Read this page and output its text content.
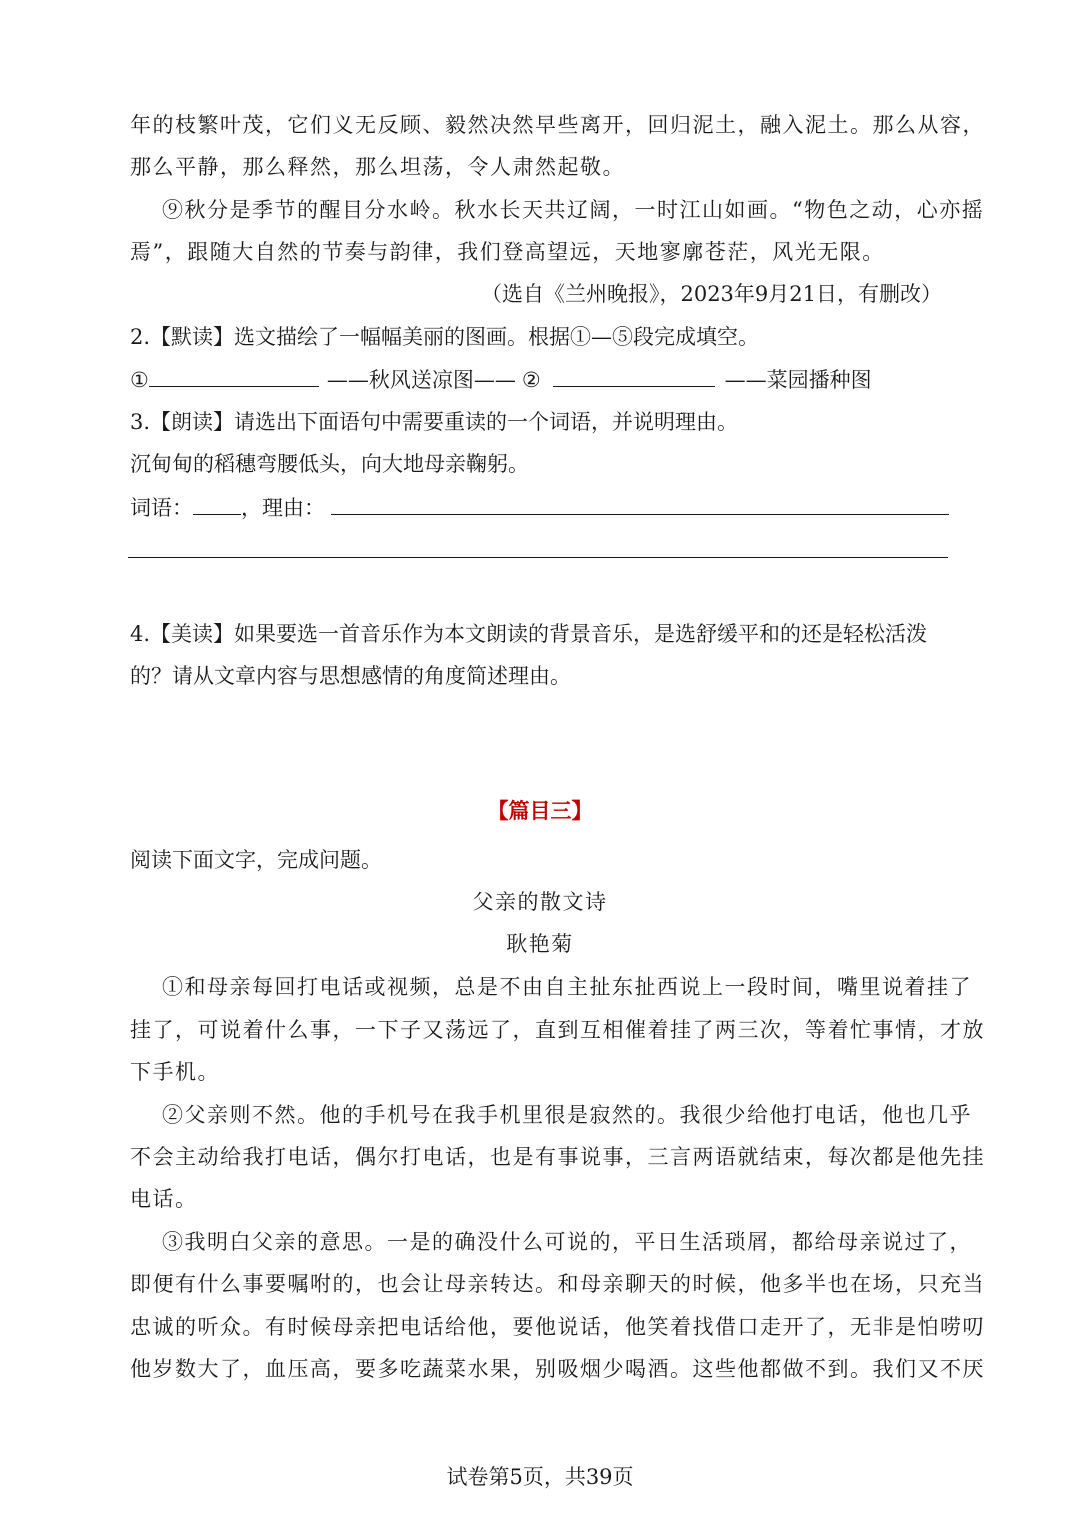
年的枝繁叶茂，它们义无反顾、毅然决然早些离开，回归泥土，融入泥土。那么从容，
那么平静，那么释然，那么坦荡，令人肃然起敬。
⑨秋分是季节的醒目分水岭。秋水长天共辽阔，一时江山如画。“物色之动，心亦摇
焉”，跟随大自然的节奏与韵律，我们登高望远，天地寥廓苍茫，风光无限。
（选自《兰州晚报》，2023年9月21日，有删改）
2.【默读】选文描绘了一幅幅美丽的图画。根据①—⑤段完成填空。
①	——秋风送凉图—— ②	——菜园播种图
3.【朗读】请选出下面语句中需要重读的一个词语，并说明理由。
沉甸甸的稻穗弯腰低头，向大地母亲鞠躬。
词语： ，理由：
4.【美读】如果要选一首音乐作为本文朗读的背景音乐，是选舒缓平和的还是轻松活泼
的？请从文章内容与思想感情的角度简述理由。
【篇目三】
阅读下面文字，完成问题。
父亲的散文诗
耿艳菊
①和母亲每回打电话或视频，总是不由自主扯东扯西说上一段时间，嘴里说着挂了
挂了，可说着什么事，一下子又荡远了，直到互相催着挂了两三次，等着忙事情，才放
下手机。
②父亲则不然。他的手机号在我手机里很是寂然的。我很少给他打电话，他也几乎
不会主动给我打电话，偶尔打电话，也是有事说事，三言两语就结束，每次都是他先挂
电话。
③我明白父亲的意思。一是的确没什么可说的，平日生活琐屑，都给母亲说过了，
即便有什么事要嘱咐的，也会让母亲转达。和母亲聊天的时候，他多半也在场，只充当
忠诚的听众。有时候母亲把电话给他，要他说话，他笑着找借口走开了，无非是怕唠叨
他岁数大了，血压高，要多吃蔬菜水果，别吸烟少喝酒。这些他都做不到。我们又不厌
试卷第5页，共39页
